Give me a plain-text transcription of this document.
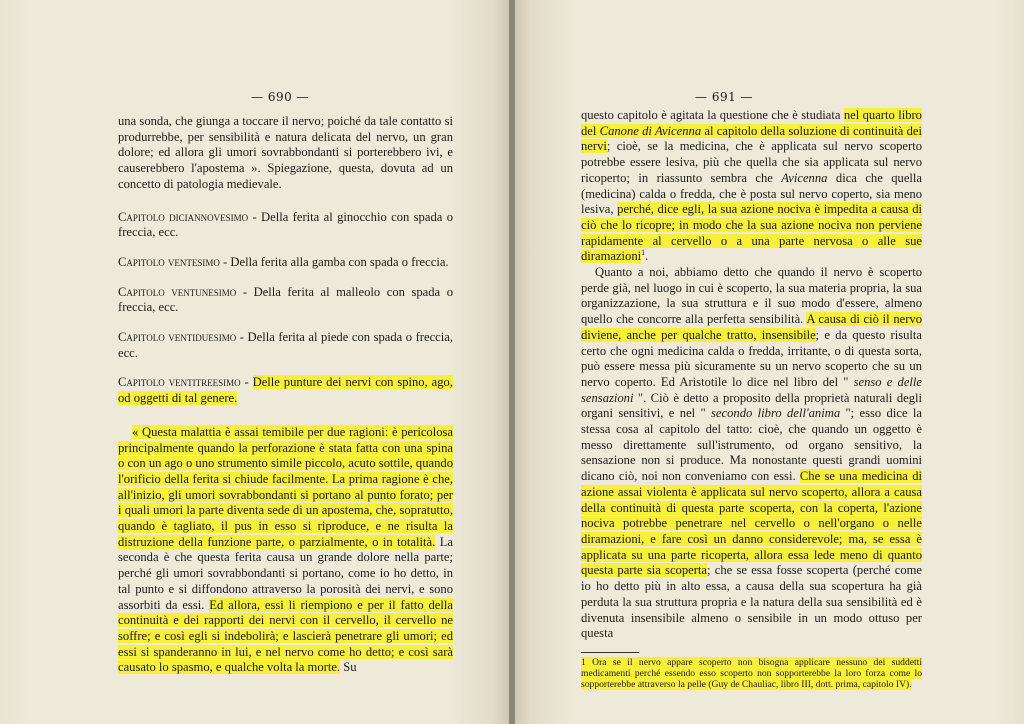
— 690 —

una sonda, che giunga a toccare il nervo; poiché da tale contatto si produrrebbe, per sensibilità e natura delicata del nervo, un gran dolore; ed allora gli umori sovrabbondanti si porterebbero ivi, e causerebbero l'apostema ». Spiegazione, questa, dovuta ad un concetto di patologia medievale.

Capitolo diciannovesimo - Della ferita al ginocchio con spada o freccia, ecc.

Capitolo ventesimo - Della ferita alla gamba con spada o freccia.

Capitolo ventunesimo - Della ferita al malleolo con spada o freccia, ecc.

Capitolo ventiduesimo - Della ferita al piede con spada o freccia, ecc.

Capitolo ventitreesimo - Delle punture dei nervi con spino, ago, od oggetti di tal genere.

« Questa malattia è assai temibile per due ragioni: è pericolosa principalmente quando la perforazione è stata fatta con una spina o con un ago o uno strumento simile piccolo, acuto sottile, quando l'orificio della ferita si chiude facilmente. La prima ragione è che, all'inizio, gli umori sovrabbondanti si portano al punto forato; per i quali umori la parte diventa sede di un apostema, che, sopratutto, quando è tagliato, il pus in esso si riproduce, e ne risulta la distruzione della funzione parte, o parzialmente, o in totalità. La seconda è che questa ferita causa un grande dolore nella parte; perché gli umori sovrabbondanti si portano, come io ho detto, in tal punto e si diffondono attraverso la porosità dei nervi, e sono assorbiti da essi. Ed allora, essi li riempiono e per il fatto della continuità e dei rapporti dei nervi con il cervello, il cervello ne soffre; e così egli si indebolirà; e lascierà penetrare gli umori; ed essi si spanderanno in lui, e nel nervo come ho detto; e così sarà causato lo spasmo, e qualche volta la morte. Su

— 691 —

questo capitolo è agitata la questione che è studiata nel quarto libro del Canone di Avicenna al capitolo della soluzione di continuità dei nervi; cioè, se la medicina, che è applicata sul nervo scoperto potrebbe essere lesiva, più che quella che sia applicata sul nervo ricoperto; in riassunto sembra che Avicenna dica che quella (medicina) calda o fredda, che è posta sul nervo coperto, sia meno lesiva, perché, dice egli, la sua azione nociva è impedita a causa di ciò che lo ricopre; in modo che la sua azione nociva non perviene rapidamente al cervello o a una parte nervosa o alle sue diramazioni$^1$.

Quanto a noi, abbiamo detto che quando il nervo è scoperto perde già, nel luogo in cui è scoperto, la sua materia propria, la sua organizzazione, la sua struttura e il suo modo d'essere, almeno quello che concorre alla perfetta sensibilità. A causa di ciò il nervo diviene, anche per qualche tratto, insensibile; e da questo risulta certo che ogni medicina calda o fredda, irritante, o di questa sorta, può essere messa più sicuramente su un nervo scoperto che su un nervo coperto. Ed Aristotile lo dice nel libro del " senso e delle sensazioni ". Ciò è detto a proposito della proprietà naturali degli organi sensitivi, e nel " secondo libro dell'anima "; esso dice la stessa cosa al capitolo del tatto: cioè, che quando un oggetto è messo direttamente sull'istrumento, od organo sensitivo, la sensazione non si produce. Ma nonostante questi grandi uomini dicano ciò, noi non conveniamo con essi. Che se una medicina di azione assai violenta è applicata sul nervo scoperto, allora a causa della continuità di questa parte scoperta, con la coperta, l'azione nociva potrebbe penetrare nel cervello o nell'organo o nelle diramazioni, e fare così un danno considerevole; ma, se essa è applicata su una parte ricoperta, allora essa lede meno di quanto questa parte sia scoperta; che se essa fosse scoperta (perché come io ho detto più in alto essa, a causa della sua scopertura ha già perduta la sua struttura propria e la natura della sua sensibilità ed è divenuta insensibile almeno o sensibile in un modo ottuso per questa

1 Ora se il nervo appare scoperto non bisogna applicare nessuno dei suddetti medicamenti perché essendo esso scoperto non sopporterebbe la loro forza come lo sopporterebbe attraverso la pelle (Guy de Chauliac, libro III, dott. prima, capitolo IV).
